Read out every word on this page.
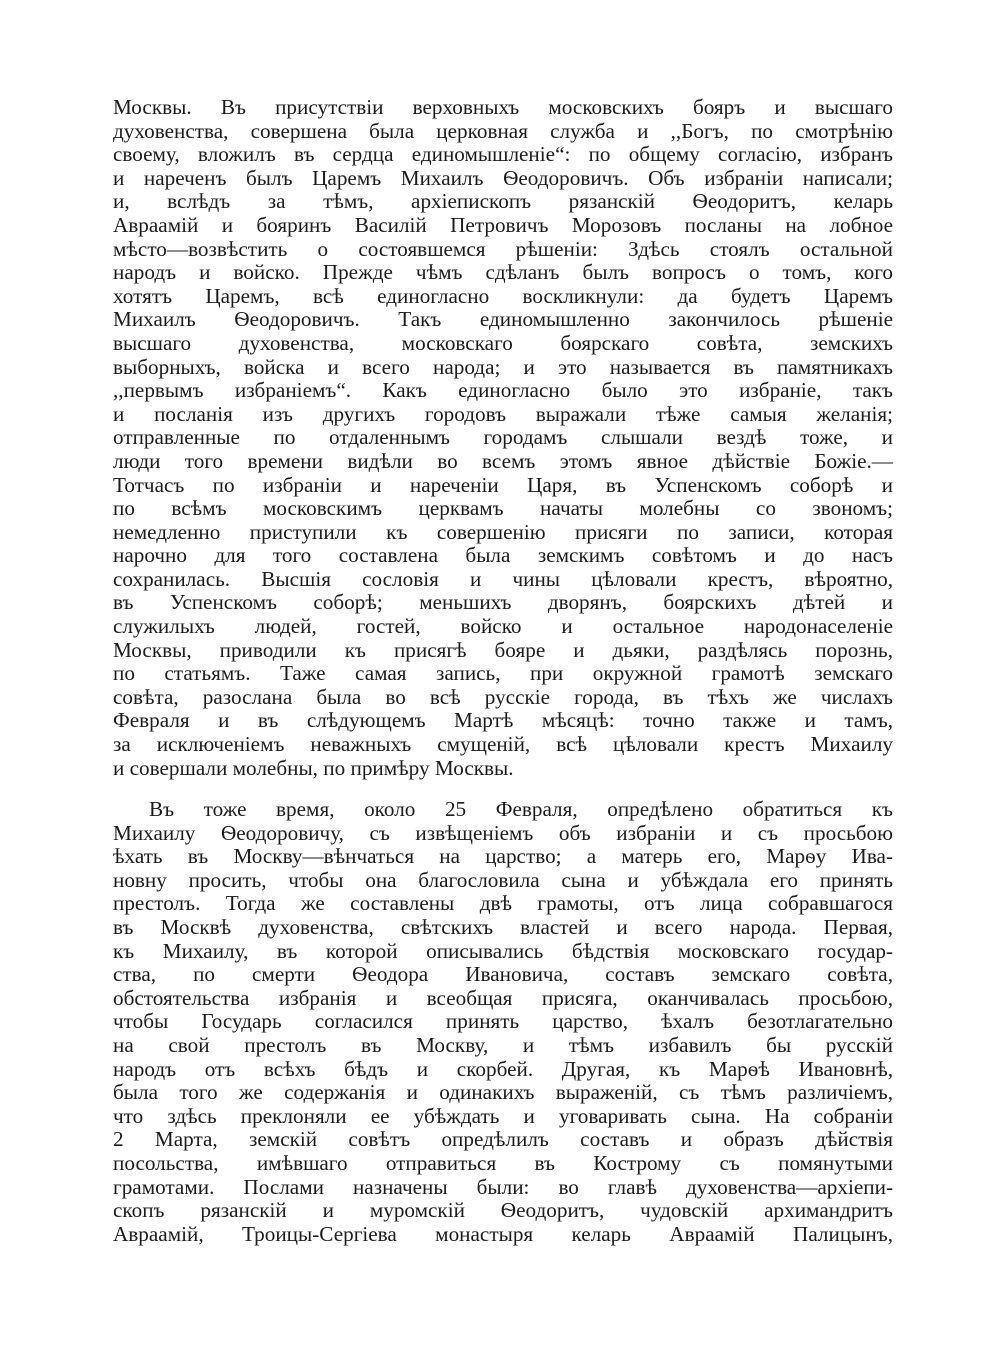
Москвы. Въ присутствіи верховныхъ московскихъ бояръ и высшаго
духовенства, совершена была церковная служба и ,,Богъ, по смотрѣнію
своему, вложилъ въ сердца единомышленіе“: по общему согласію, избранъ
и нареченъ былъ Царемъ Михаилъ Ѳеодоровичъ. Объ избраніи написали;
и, вслѣдъ за тѣмъ, архіепископъ рязанскій Ѳеодоритъ, келарь
Авраамій и бояринъ Василій Петровичъ Морозовъ посланы на лобное
мѣсто—возвѣстить о состоявшемся рѣшеніи: Здѣсь стоялъ остальной
народъ и войско. Прежде чѣмъ сдѣланъ былъ вопросъ о томъ, кого
хотятъ Царемъ, всѣ единогласно воскликнули: да будетъ Царемъ
Михаилъ Ѳеодоровичъ. Такъ единомышленно закончилось рѣшеніе
высшаго духовенства, московскаго боярскаго совѣта, земскихъ
выборныхъ, войска и всего народа; и это называется въ памятникахъ
,,первымъ избраніемъ“. Какъ единогласно было это избраніе, такъ
и посланія изъ другихъ городовъ выражали тѣже самыя желанія;
отправленные по отдаленнымъ городамъ слышали вездѣ тоже, и
люди того времени видѣли во всемъ этомъ явное дѣйствіе Божіе.—
Тотчасъ по избраніи и нареченіи Царя, въ Успенскомъ соборѣ и
по всѣмъ московскимъ церквамъ начаты молебны со звономъ;
немедленно приступили къ совершенію присяги по записи, которая
нарочно для того составлена была земскимъ совѣтомъ и до насъ
сохранилась. Высшія сословія и чины цѣловали крестъ, вѣроятно,
въ Успенскомъ соборѣ; меньшихъ дворянъ, боярскихъ дѣтей и
служилыхъ людей, гостей, войско и остальное народонаселеніе
Москвы, приводили къ присягѣ бояре и дьяки, раздѣлясь порознь,
по статьямъ. Таже самая запись, при окружной грамотѣ земскаго
совѣта, разослана была во всѣ русскіе города, въ тѣхъ же числахъ
Февраля и въ слѣдующемъ Мартѣ мѣсяцѣ: точно также и тамъ,
за исключеніемъ неважныхъ смущеній, всѣ цѣловали крестъ Михаилу
и совершали молебны, по примѣру Москвы.
Въ тоже время, около 25 Февраля, опредѣлено обратиться къ
Михаилу Ѳеодоровичу, съ извѣщеніемъ объ избраніи и съ просьбою
ѣхать въ Москву—вѣнчаться на царство; а матерь его, Марѳу Ива-
новну просить, чтобы она благословила сына и убѣждала его принять
престолъ. Тогда же составлены двѣ грамоты, отъ лица собравшагося
въ Москвѣ духовенства, свѣтскихъ властей и всего народа. Первая,
къ Михаилу, въ которой описывались бѣдствія московскаго государ-
ства, по смерти Ѳеодора Ивановича, составъ земскаго совѣта,
обстоятельства избранія и всеобщая присяга, оканчивалась просьбою,
чтобы Государь согласился принять царство, ѣхалъ безотлагательно
на свой престолъ въ Москву, и тѣмъ избавилъ бы русскій
народъ отъ всѣхъ бѣдъ и скорбей. Другая, къ Марѳѣ Ивановнѣ,
была того же содержанія и одинакихъ выраженій, съ тѣмъ различіемъ,
что здѣсь преклоняли ее убѣждать и уговаривать сына. На собраніи
2 Марта, земскій совѣтъ опредѣлилъ составъ и образъ дѣйствія
посольства, имѣвшаго отправиться въ Кострому съ помянутыми
грамотами. Послами назначены были: во главѣ духовенства—архіепи-
скопъ рязанскій и муромскій Ѳеодоритъ, чудовскій архимандритъ
Авраамій, Троицы-Сергіева монастыря келарь Авраамій Палицынъ,
